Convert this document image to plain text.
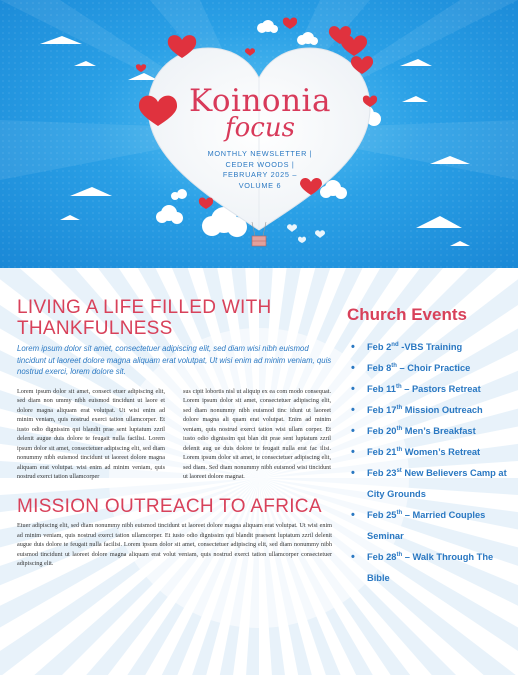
Koinonia
focus
MONTHLY NEWSLETTER | CEDER WOODS | FEBRUARY 2025 – VOLUME 6
LIVING A LIFE FILLED WITH THANKFULNESS

Lorem ipsum dolor sit amet, consectetuer adipiscing elit, sed diam wisi nibh euismod tincidunt ut laoreet dolore magna aliquam erat volutpat, Ut wisi enim ad minim veniam, quis nostrud exerci, lorem dolore sit.

Lorem ipsum dolor sit amet, consect etuer adipiscing elit, sed diam non ummy nibh euismod tincidunt ut laore et dolore magna aliquam erat volutpat. Ut wisi enim ad minim veniam, quis nostrud exerci tation ullamcorper. Et iusto odio dignissim qui blandit prae sent luptatum zzril delenit augue duis dolore te feugait nulla facilisi. Lorem ipsum dolor sit amet, consectetuer adipiscing elit, sed diam nonummy nibh euismod tincidunt ut laoreet dolore magna aliquam erat volutpat. wisi enim ad minim veniam, quis nostrud exerci tation ullamcorper

sus cipit lobortis nisl ut aliquip ex ea com modo consequat. Lorem ipsum dolor sit amet, consectetuer adipiscing elit, sed diam nonummy nibh euismod tinc idunt ut laoreet dolore magna ali quam erat volutpat. Enim ad minim veniam, quis nostrud exerci tation wisi ullam corper. Et iusto odio dignissim qui blan dit prae sent luptatum zzril delenit aug ue duis dolore te feugait nulla erat fac ilisi. Lorem ipsum dolor sit amet, te consectetuer adipiscing elit, sed diam. Sed diam nonummy nibh euismod wisi tincidunt ut laoreet dolore magnat.

MISSION OUTREACH TO AFRICA

Etuer adipiscing elit, sed diam nonummy nibh euismod tincidunt ut laoreet dolore magna aliquam erat volutpat. Ut wisi enim ad minim veniam, quis nostrud exerci tation ullamcorper. Et iusto odio dignissim qui blandit praesent luptatum zzril delenit augue duis dolore te feugait nulla facilisi. Lorem ipsum dolor sit amet, consectetuer adipiscing elit, sed diam nonummy nibh euismod tincidunt ut laoreet dolore magna aliquam erat volut veniam, quis nostrud exerci tation ullamcorper consectetuer adipiscing elit.

Church Events
• Feb 2nd -VBS Training
• Feb 8th – Choir Practice
• Feb 11th – Pastors Retreat
• Feb 17th Mission Outreach
• Feb 20th Men’s Breakfast
• Feb 21th Women’s Retreat
• Feb 23st New Believers Camp at City Grounds
• Feb 25th – Married Couples Seminar
• Feb 28th – Walk Through The Bible
